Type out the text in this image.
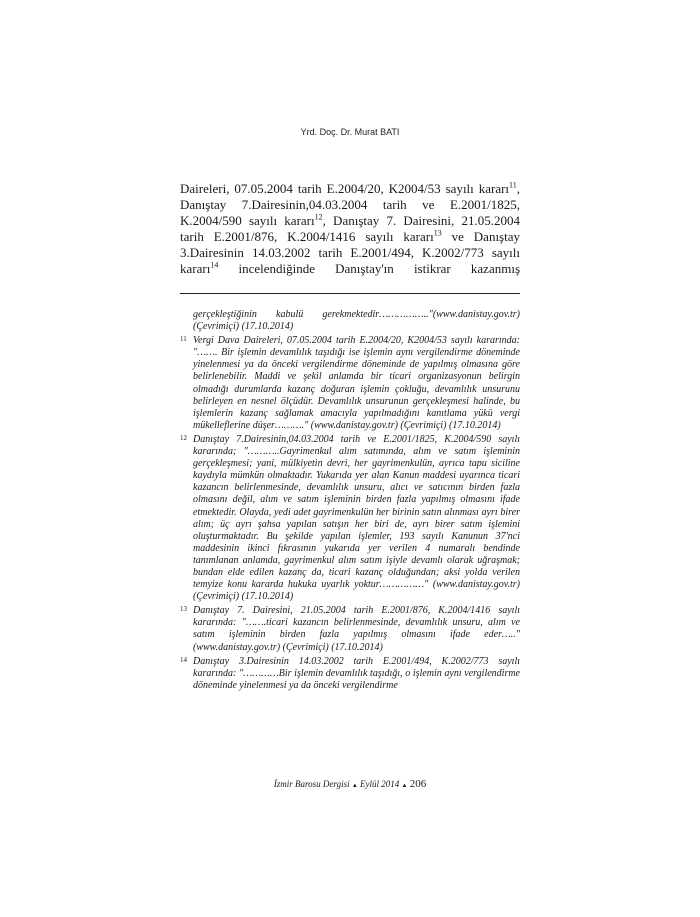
Yrd. Doç. Dr. Murat BATI

Daireleri, 07.05.2004 tarih E.2004/20, K2004/53 sayılı kararı$^{11}$, Danıştay 7.Dairesinin,04.03.2004 tarih ve E.2001/1825, K.2004/590 sayılı kararı$^{12}$, Danıştay 7. Dairesini, 21.05.2004 tarih E.2001/876, K.2004/1416 sayılı kararı$^{13}$ ve Danıştay 3.Dairesinin 14.03.2002 tarih E.2001/494, K.2002/773 sayılı kararı$^{14}$ incelendiğinde Danıştay'ın istikrar kazanmış

gerçekleştiğinin kabulü gerekmektedir…………….."(www.danistay.gov.tr) (Çevrimiçi) (17.10.2014)
11 Vergi Dava Daireleri, 07.05.2004 tarih E.2004/20, K2004/53 sayılı kararında: "……. Bir işlemin devamlılık taşıdığı ise işlemin aynı vergilendirme döneminde yinelenmesi ya da önceki vergilendirme döneminde de yapılmış olmasına göre belirlenebilir. Maddi ve şekil anlamda bir ticari organizasyonun belirgin olmadığı durumlarda kazanç doğuran işlemin çokluğu, devamlılık unsurunu belirleyen en nesnel ölçüdür. Devamlılık unsurunun gerçekleşmesi halinde, bu işlemlerin kazanç sağlamak amacıyla yapılmadığını kanıtlama yükü vergi mükelleflerine düşer………." (www.danistay.gov.tr) (Çevrimiçi) (17.10.2014)
12 Danıştay 7.Dairesinin,04.03.2004 tarih ve E.2001/1825, K.2004/590 sayılı kararında; "………..Gayrimenkul alım satımında, alım ve satım işleminin gerçekleşmesi; yani, mülkiyetin devri, her gayrimenkulün, ayrıca tapu siciline kaydıyla mümkün olmaktadır. Yukarıda yer alan Kanun maddesi uyarınca ticari kazancın belirlenmesinde, devamlılık unsuru, alıcı ve satıcının birden fazla olmasını değil, alım ve satım işleminin birden fazla yapılmış olmasını ifade etmektedir. Olayda, yedi adet gayrimenkulün her birinin satın alınması ayrı birer alım; üç ayrı şahsa yapılan satışın her biri de, ayrı birer satım işlemini oluşturmaktadır. Bu şekilde yapılan işlemler, 193 sayılı Kanunun 37'nci maddesinin ikinci fıkrasının yukarıda yer verilen 4 numaralı bendinde tanımlanan anlamda, gayrimenkul alım satım işiyle devamlı olarak uğraşmak; bundan elde edilen kazanç da, ticari kazanç olduğundan; aksi yolda verilen temyize konu kararda hukuka uyarlık yoktur……………" (www.danistay.gov.tr) (Çevrimiçi) (17.10.2014)
13 Danıştay 7. Dairesini, 21.05.2004 tarih E.2001/876, K.2004/1416 sayılı kararında: "…….ticari kazancın belirlenmesinde, devamlılık unsuru, alım ve satım işleminin birden fazla yapılmış olmasını ifade eder….." (www.danistay.gov.tr) (Çevrimiçi) (17.10.2014)
14 Danıştay 3.Dairesinin 14.03.2002 tarih E.2001/494, K.2002/773 sayılı kararında: "…………Bir işlemin devamlılık taşıdığı, o işlemin aynı vergilendirme döneminde yinelenmesi ya da önceki vergilendirme
İzmir Barosu Dergisi ▲ Eylül 2014 ▲ 206
